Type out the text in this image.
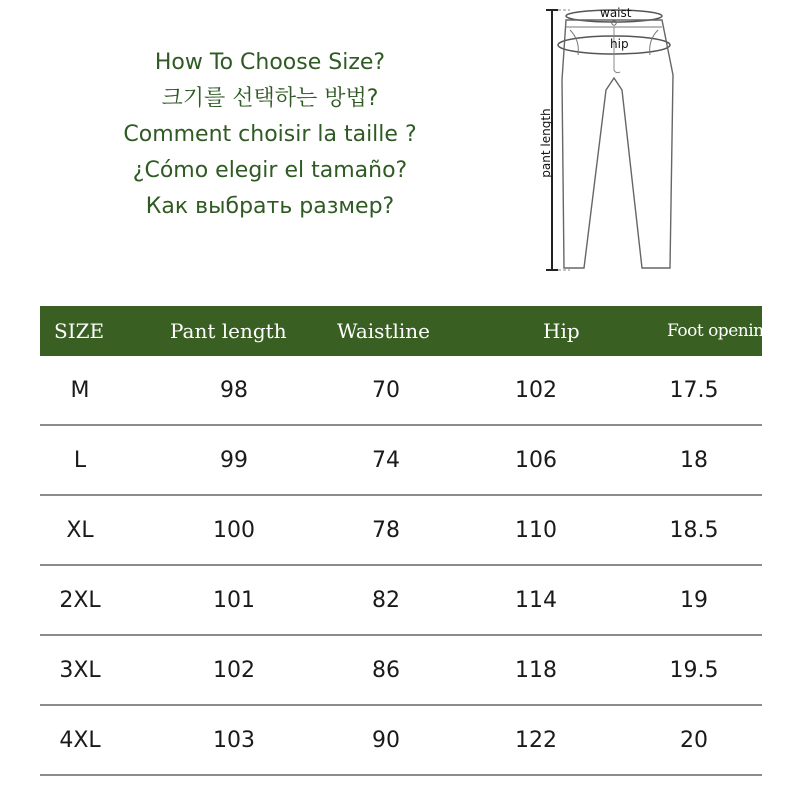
How To Choose Size?
크기를 선택하는 방법?
Comment choisir la taille ?
¿Cómo elegir el tamaño?
Как выбрать размер?
waist
hip
pant length
SIZE	Pant length	Waistline	Hip	Foot opening
M	98	70	102	17.5
L	99	74	106	18
XL	100	78	110	18.5
2XL	101	82	114	19
3XL	102	86	118	19.5
4XL	103	90	122	20
